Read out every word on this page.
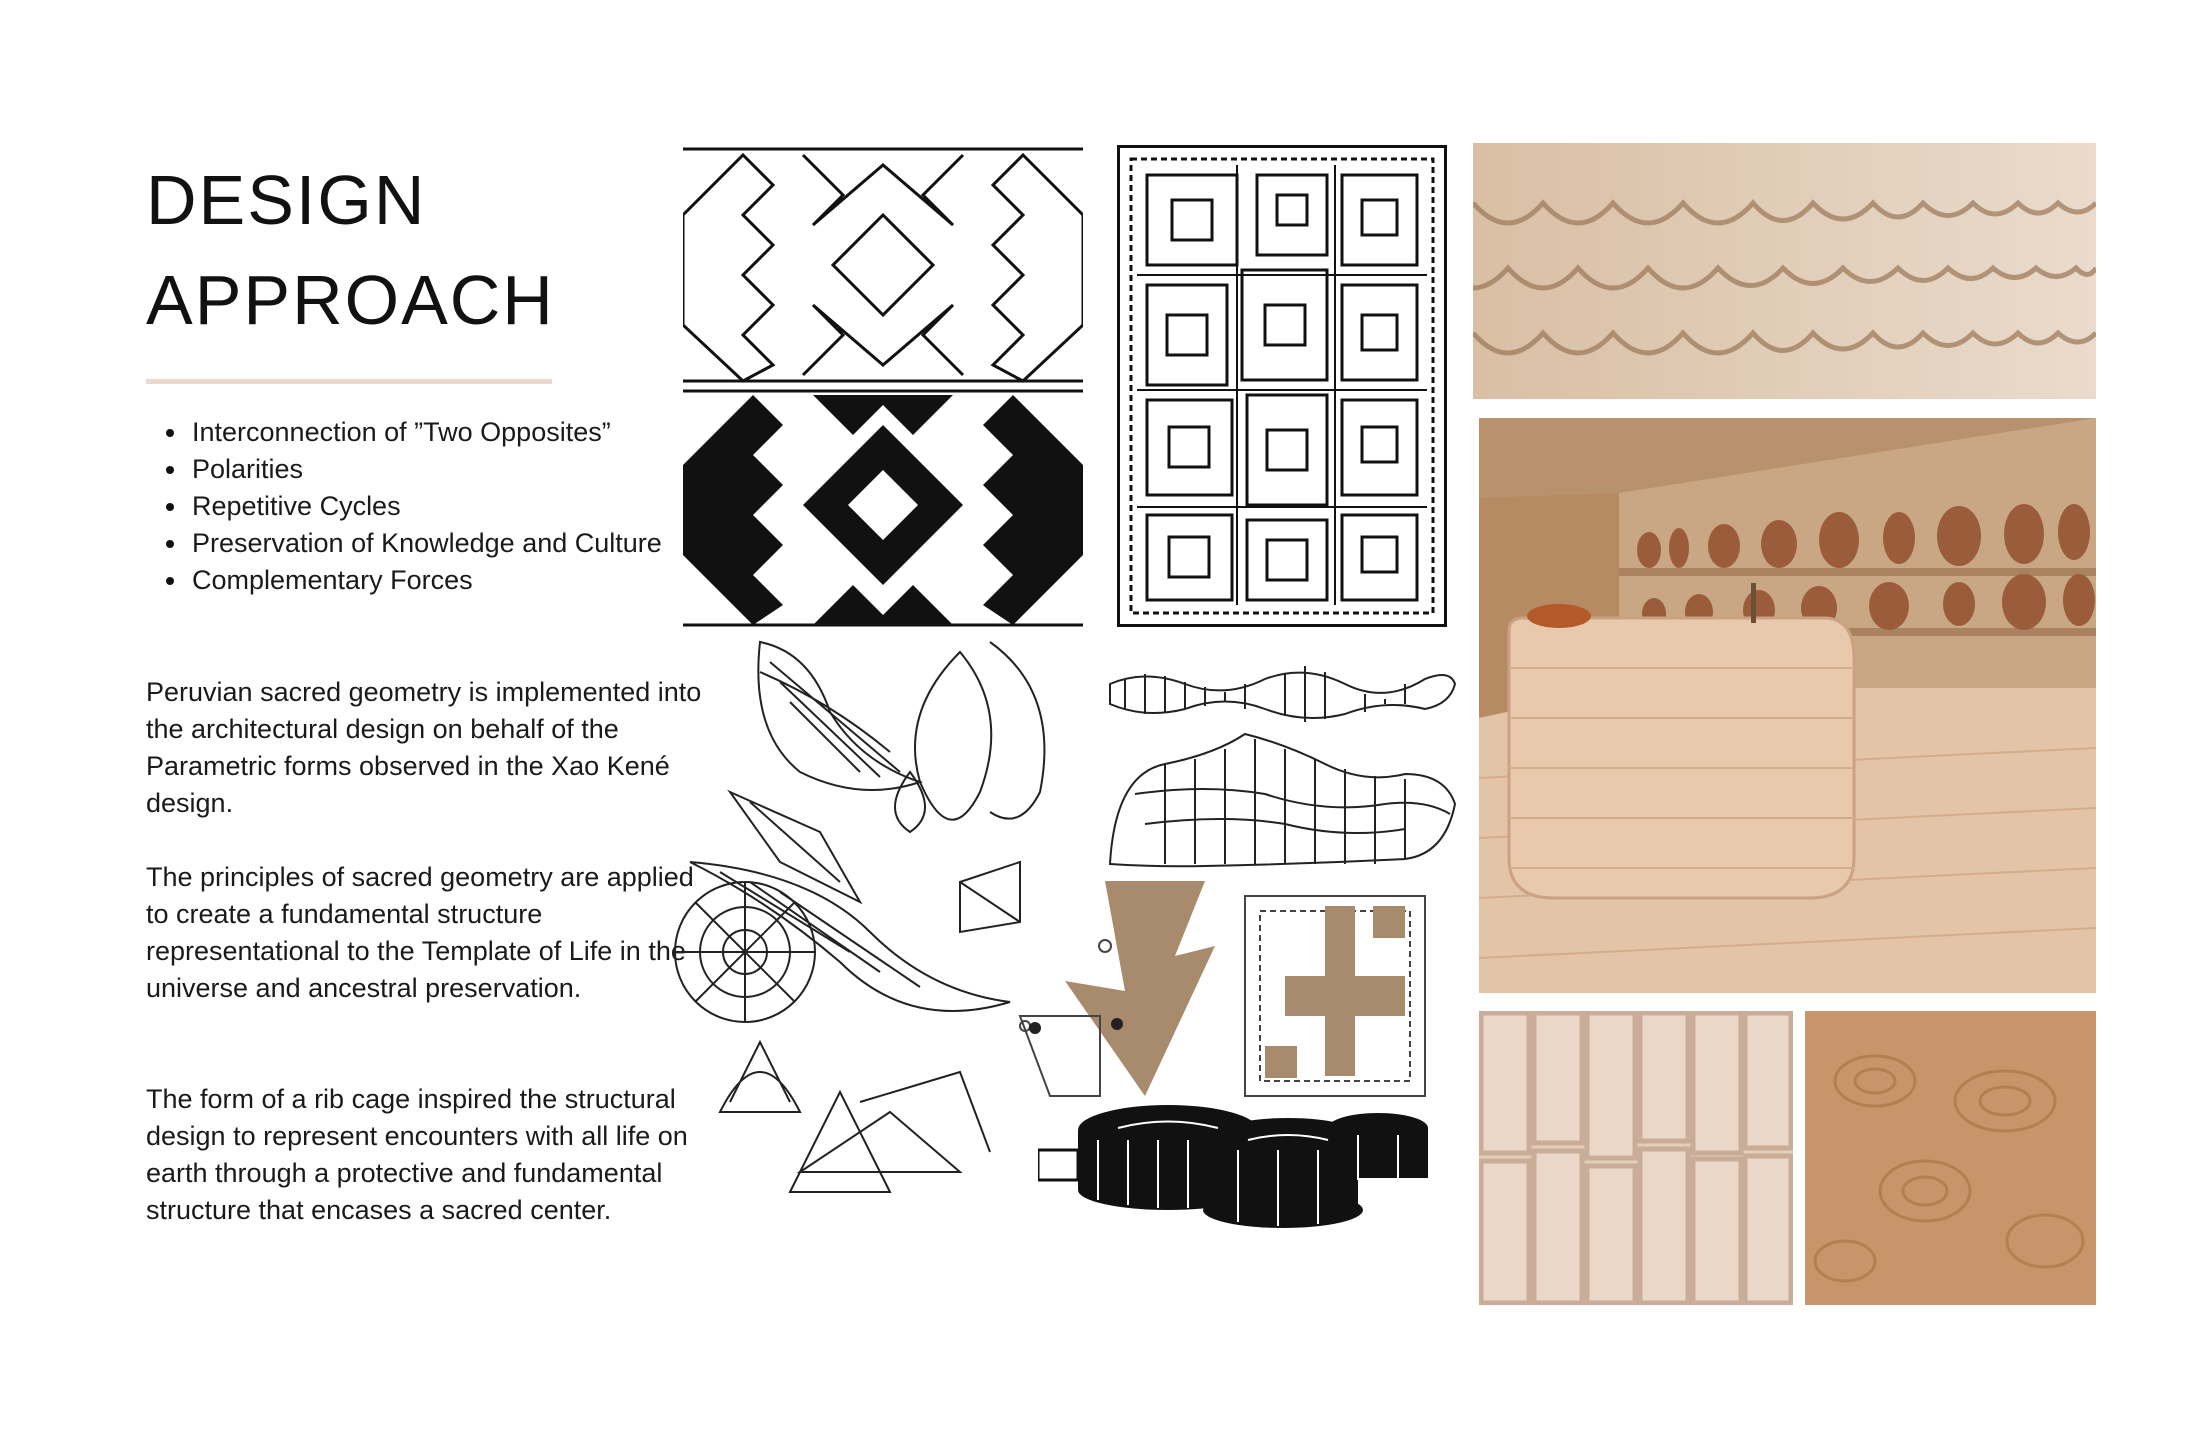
DESIGN
APPROACH
Interconnection of ”Two Opposites”
Polarities
Repetitive Cycles
Preservation of Knowledge and Culture
Complementary Forces

Peruvian sacred geometry is implemented into the architectural design on behalf of the Parametric forms observed in the Xao Kené design.

The principles of sacred geometry are applied to create a fundamental structure representational to the Template of Life in the universe and ancestral preservation.

The form of a rib cage inspired the structural design to represent encounters with all life on earth through a protective and fundamental structure that encases a sacred center.
